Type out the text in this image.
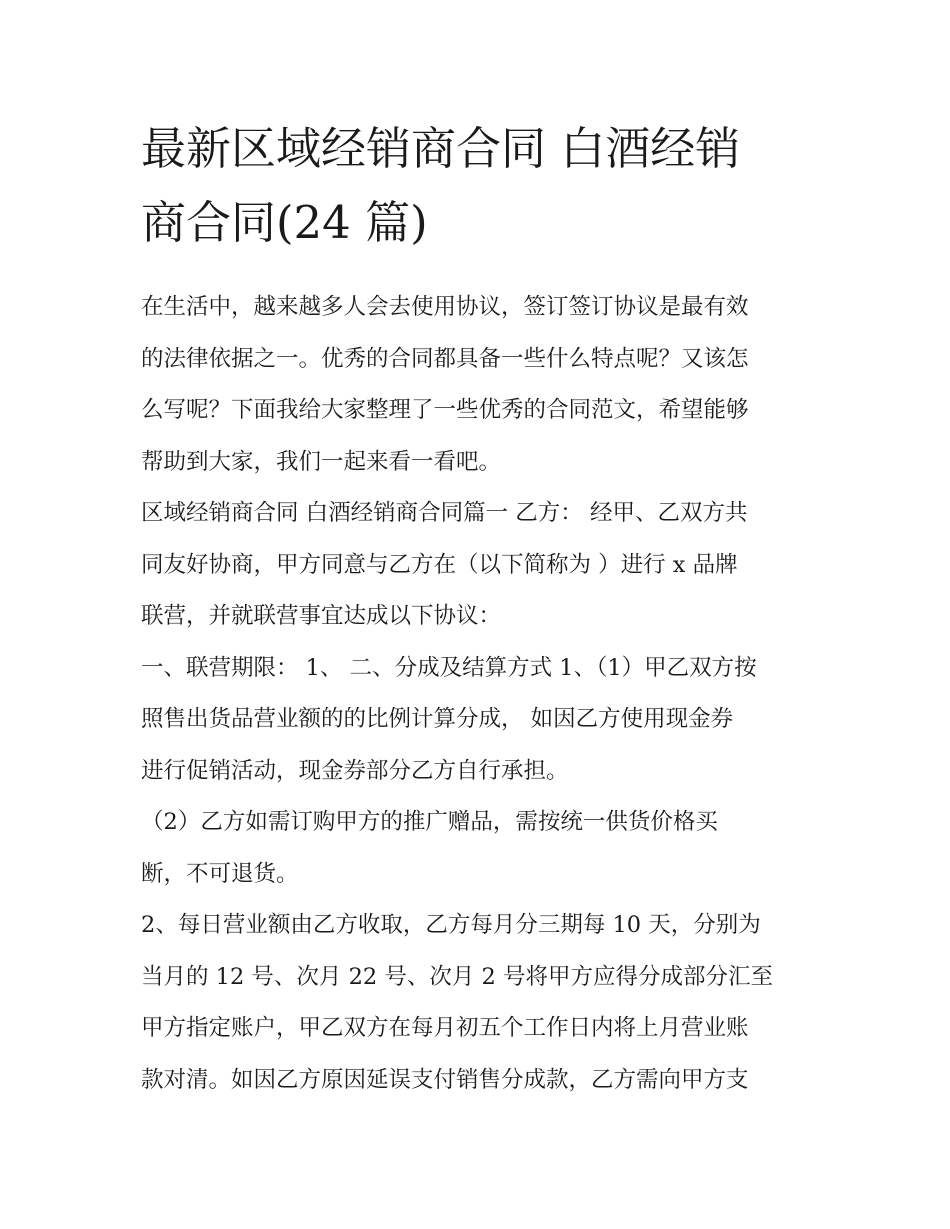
最新区域经销商合同 白酒经销
商合同(24 篇)

在生活中，越来越多人会去使用协议，签订签订协议是最有效
的法律依据之一。优秀的合同都具备一些什么特点呢？又该怎
么写呢？下面我给大家整理了一些优秀的合同范文，希望能够
帮助到大家，我们一起来看一看吧。

区域经销商合同 白酒经销商合同篇一 乙方： 经甲、乙双方共
同友好协商，甲方同意与乙方在（以下简称为 ）进行 x 品牌
联营，并就联营事宜达成以下协议：

一、联营期限： 1、 二、分成及结算方式 1、（1）甲乙双方按
照售出货品营业额的的比例计算分成， 如因乙方使用现金券
进行促销活动，现金券部分乙方自行承担。

（2）乙方如需订购甲方的推广赠品，需按统一供货价格买
断，不可退货。

2、每日营业额由乙方收取，乙方每月分三期每 10 天，分别为
当月的 12 号、次月 22 号、次月 2 号将甲方应得分成部分汇至
甲方指定账户，甲乙双方在每月初五个工作日内将上月营业账
款对清。如因乙方原因延误支付销售分成款，乙方需向甲方支
